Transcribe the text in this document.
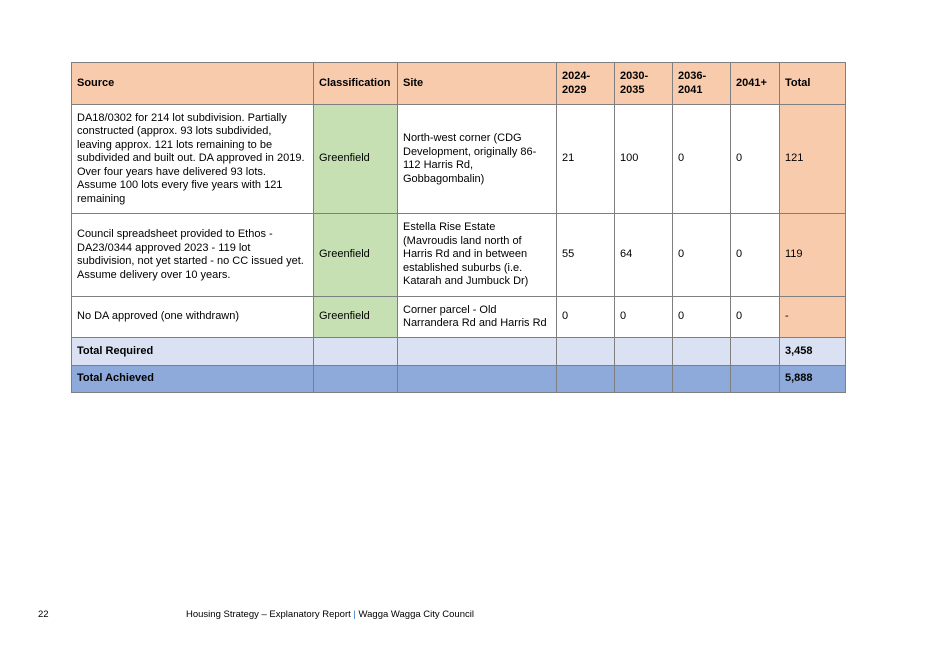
Source	Classification	Site	2024-2029	2030-2035	2036-2041	2041+	Total
DA18/0302 for 214 lot subdivision. Partially constructed (approx. 93 lots subdivided, leaving approx. 121 lots remaining to be subdivided and built out. DA approved in 2019. Over four years have delivered 93 lots. Assume 100 lots every five years with 121 remaining	Greenfield	North-west corner (CDG Development, originally 86-112 Harris Rd, Gobbagombalin)	21	100	0	0	121
Council spreadsheet provided to Ethos - DA23/0344 approved 2023 - 119 lot subdivision, not yet started - no CC issued yet. Assume delivery over 10 years.	Greenfield	Estella Rise Estate (Mavroudis land north of Harris Rd and in between established suburbs (i.e. Katarah and Jumbuck Dr)	55	64	0	0	119
No DA approved (one withdrawn)	Greenfield	Corner parcel - Old Narrandera Rd and Harris Rd	0	0	0	0	-
Total Required							3,458
Total Achieved							5,888
22	Housing Strategy – Explanatory Report | Wagga Wagga City Council
